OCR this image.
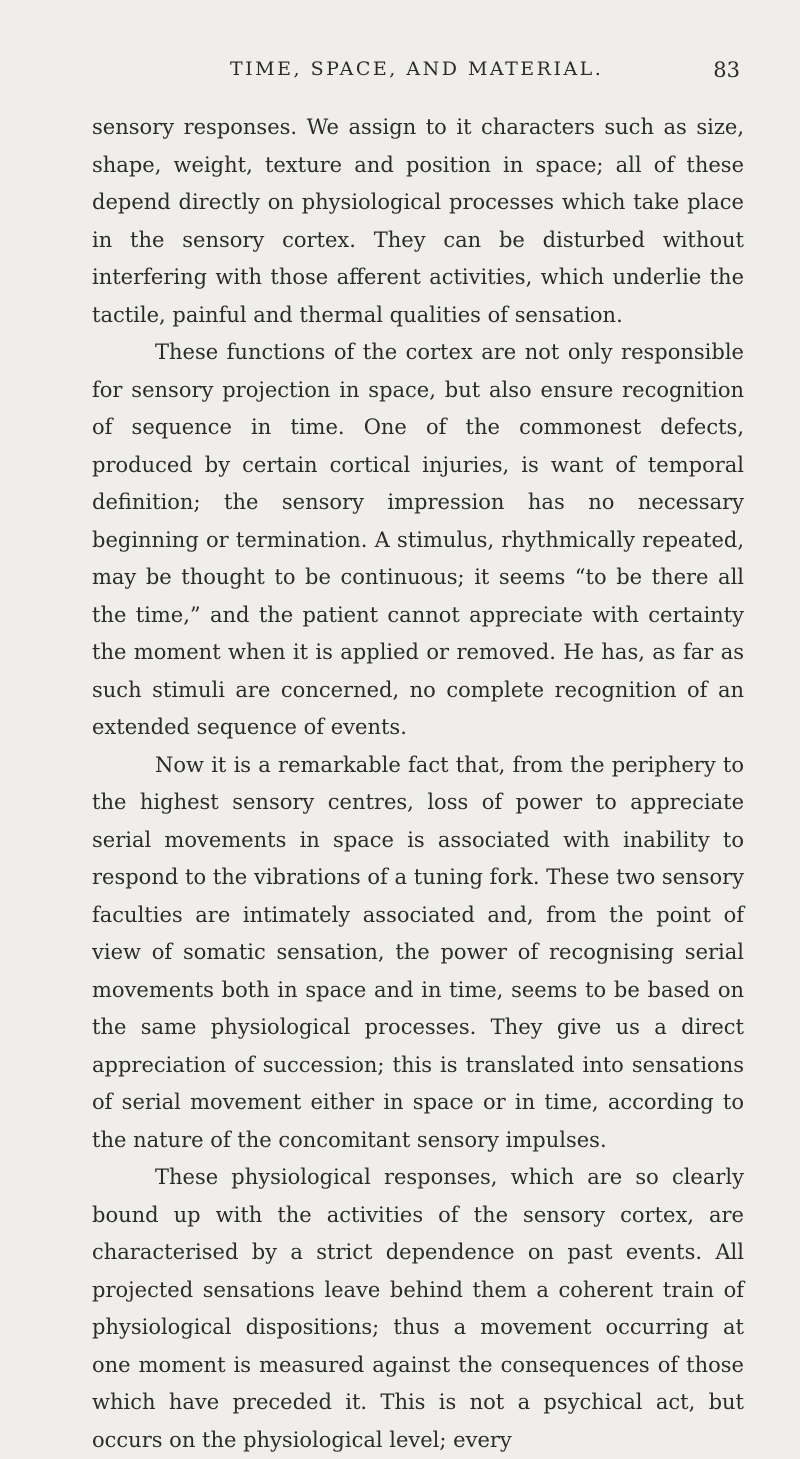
TIME, SPACE, AND MATERIAL.	83

sensory responses. We assign to it characters such as size, shape, weight, texture and position in space; all of these depend directly on physiological processes which take place in the sensory cortex. They can be disturbed without interfering with those afferent activities, which underlie the tactile, painful and thermal qualities of sensation.

These functions of the cortex are not only responsible for sensory projection in space, but also ensure recognition of sequence in time. One of the commonest defects, produced by certain cortical injuries, is want of temporal definition; the sensory impression has no necessary beginning or termination. A stimulus, rhythmically repeated, may be thought to be continuous; it seems “to be there all the time,” and the patient cannot appreciate with certainty the moment when it is applied or removed. He has, as far as such stimuli are concerned, no complete recognition of an extended sequence of events.

Now it is a remarkable fact that, from the periphery to the highest sensory centres, loss of power to appreciate serial movements in space is associated with inability to respond to the vibrations of a tuning fork. These two sensory faculties are intimately associated and, from the point of view of somatic sensation, the power of recognising serial movements both in space and in time, seems to be based on the same physiological processes. They give us a direct appreciation of succession; this is translated into sensations of serial movement either in space or in time, according to the nature of the concomitant sensory impulses.

These physiological responses, which are so clearly bound up with the activities of the sensory cortex, are characterised by a strict dependence on past events. All projected sensations leave behind them a coherent train of physiological dispositions; thus a movement occurring at one moment is measured against the consequences of those which have preceded it. This is not a psychical act, but occurs on the physiological level; every
